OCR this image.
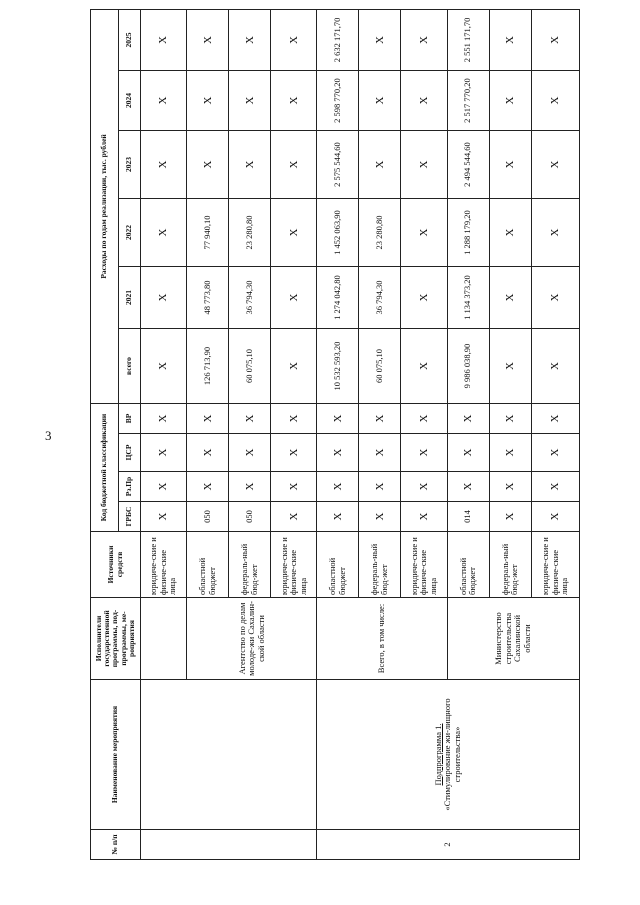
3
№ п/п	Наименование мероприятия	Исполнители государственной программы, под-программы, ме-роприятия	Источники средств	Код бюджетной классификации				Расходы по годам реализации, тыс. рублей					
				ГРБС	Рз.Пр	ЦСР	ВР	всего	2021	2022	2023	2024	2025
			юридиче-ские и физиче-ские лица	X	X	X	X	X	X	X	X	X	X
		Агентство по делам молоде-жи Сахалин-ской области	областной бюджет	050	X	X	X	126 713,90	48 773,80	77 940,10	X	X	X
			федераль-ный бюд-жет	050	X	X	X	60 075,10	36 794,30	23 280,80	X	X	X
			юридиче-ские и физиче-ские лица	X	X	X	X	X	X	X	X	X	X
2	Подпрограмма 1.
«Стимулирование жи-лищного строительства»	Всего, в том числе:	областной бюджет	X	X	X	X	10 532 593,20	1 274 042,80	1 452 063,90	2 575 544,60	2 598 770,20	2 632 171,70
			федераль-ный бюд-жет	X	X	X	X	60 075,10	36 794,30	23 280,80	X	X	X
			юридиче-ские и физиче-ские лица	X	X	X	X	X	X	X	X	X	X
		Министерство строительства Сахалинской области	областной бюджет	014	X	X	X	9 986 038,90	1 134 373,20	1 288 179,20	2 494 544,60	2 517 770,20	2 551 171,70
			федераль-ный бюд-жет	X	X	X	X	X	X	X	X	X	X
			юридиче-ские и физиче-ские лица	X	X	X	X	X	X	X	X	X	X
